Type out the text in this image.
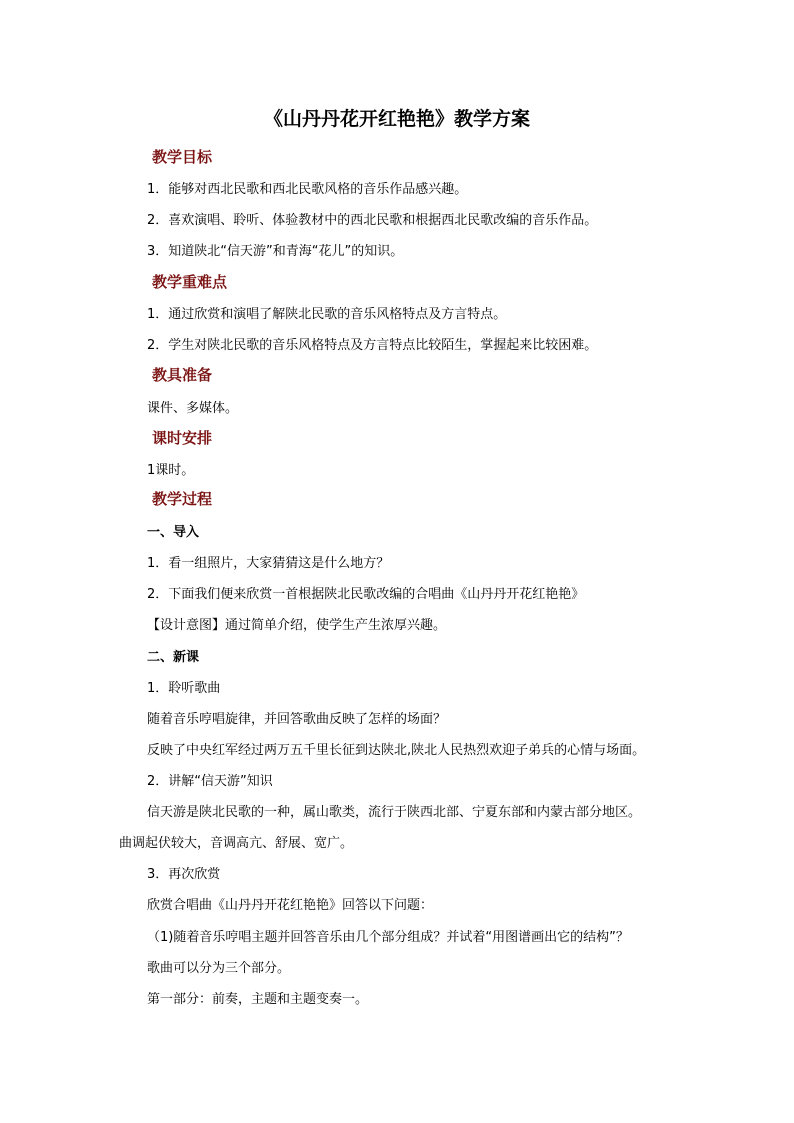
《山丹丹花开红艳艳》教学方案
教学目标
1．能够对西北民歌和西北民歌风格的音乐作品感兴趣。
2．喜欢演唱、聆听、体验教材中的西北民歌和根据西北民歌改编的音乐作品。
3．知道陕北“信天游”和青海“花儿”的知识。
教学重难点
1．通过欣赏和演唱了解陕北民歌的音乐风格特点及方言特点。
2．学生对陕北民歌的音乐风格特点及方言特点比较陌生，掌握起来比较困难。
教具准备
课件、多媒体。
课时安排
1课时。
教学过程
一、导入
1．看一组照片，大家猜猜这是什么地方？
2．下面我们便来欣赏一首根据陕北民歌改编的合唱曲《山丹丹开花红艳艳》
【设计意图】通过简单介绍，使学生产生浓厚兴趣。
二、新课
1．聆听歌曲
随着音乐哼唱旋律，并回答歌曲反映了怎样的场面？
反映了中央红军经过两万五千里长征到达陕北,陕北人民热烈欢迎子弟兵的心情与场面。
2．讲解“信天游”知识
信天游是陕北民歌的一种，属山歌类，流行于陕西北部、宁夏东部和内蒙古部分地区。
曲调起伏较大，音调高亢、舒展、宽广。
3．再次欣赏
欣赏合唱曲《山丹丹开花红艳艳》回答以下问题：
（1)随着音乐哼唱主题并回答音乐由几个部分组成？并试着“用图谱画出它的结构”？
歌曲可以分为三个部分。
第一部分：前奏，主题和主题变奏一。
